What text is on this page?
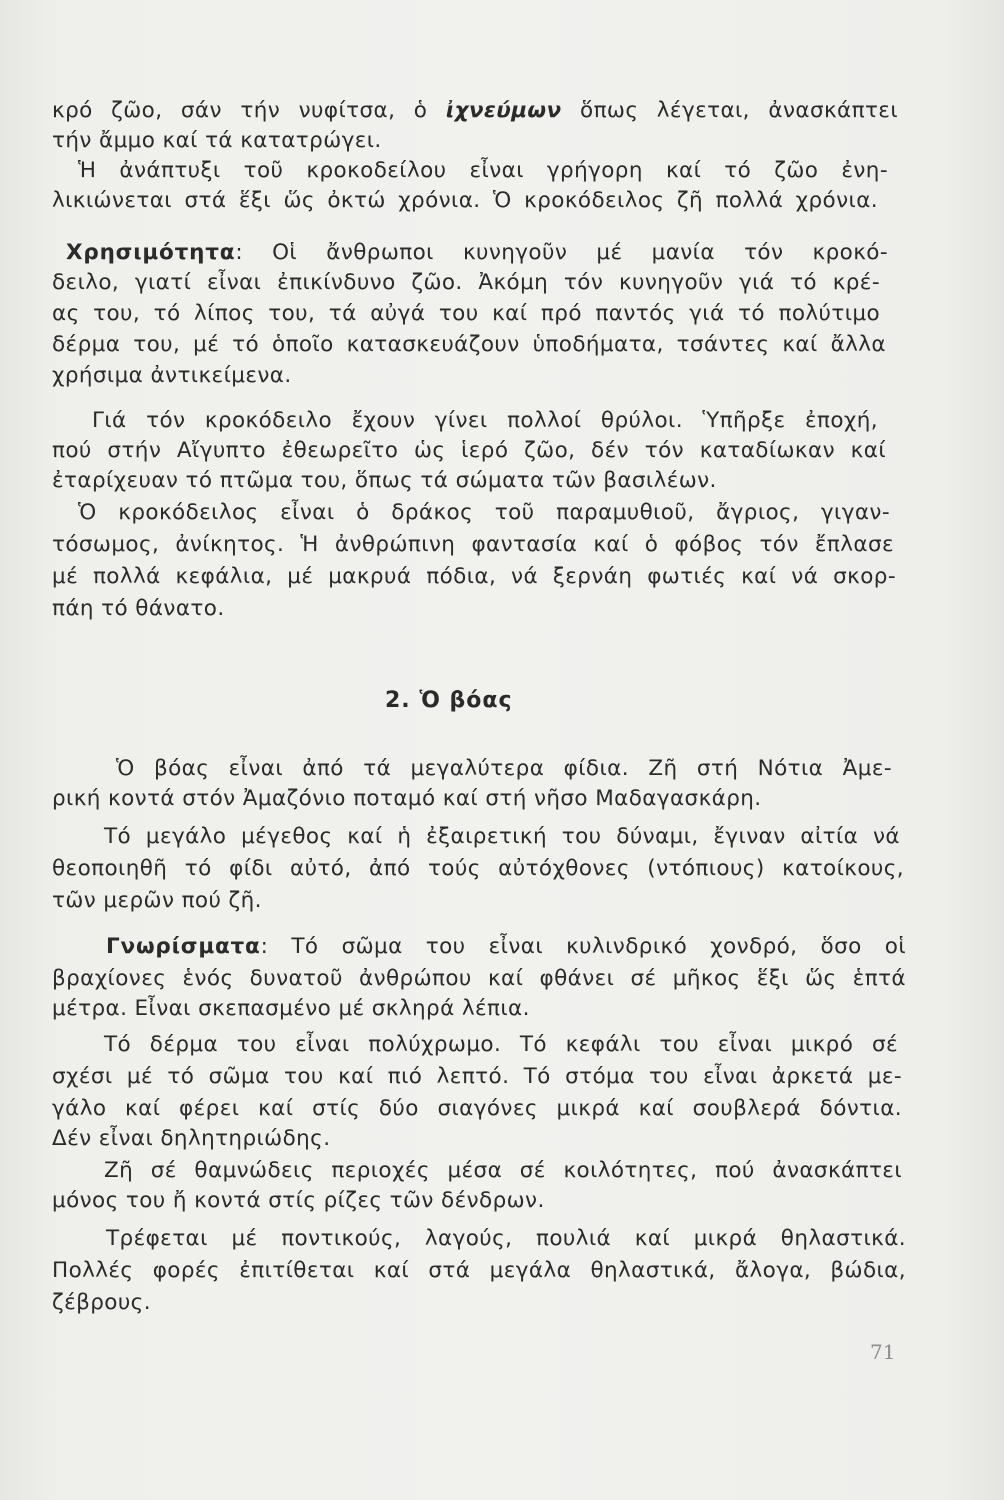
κρό ζῶο, σάν τήν νυφίτσα, ὁ ἰχνεύμων ὅπως λέγεται, ἀνασκάπτει
τήν ἄμμο καί τά κατατρώγει.
Ἡ ἀνάπτυξι τοῦ κροκοδείλου εἶναι γρήγορη καί τό ζῶο ἐνη-
λικιώνεται στά ἕξι ὥς ὀκτώ χρόνια. Ὁ κροκόδειλος ζῆ πολλά χρόνια.
Χρησιμότητα: Οἱ ἄνθρωποι κυνηγοῦν μέ μανία τόν κροκό-
δειλο, γιατί εἶναι ἐπικίνδυνο ζῶο. Ἀκόμη τόν κυνηγοῦν γιά τό κρέ-
ας του, τό λίπος του, τά αὐγά του καί πρό παντός γιά τό πολύτιμο
δέρμα του, μέ τό ὁποῖο κατασκευάζουν ὑποδήματα, τσάντες καί ἄλλα
χρήσιμα ἀντικείμενα.
Γιά τόν κροκόδειλο ἔχουν γίνει πολλοί θρύλοι. Ὑπῆρξε ἐποχή,
πού στήν Αἴγυπτο ἐθεωρεῖτο ὡς ἱερό ζῶο, δέν τόν καταδίωκαν καί
ἐταρίχευαν τό πτῶμα του, ὅπως τά σώματα τῶν βασιλέων.
Ὁ κροκόδειλος εἶναι ὁ δράκος τοῦ παραμυθιοῦ, ἄγριος, γιγαν-
τόσωμος, ἀνίκητος. Ἡ ἀνθρώπινη φαντασία καί ὁ φόβος τόν ἔπλασε
μέ πολλά κεφάλια, μέ μακρυά πόδια, νά ξερνάη φωτιές καί νά σκορ-
πάη τό θάνατο.
2. Ὁ βόας
Ὁ βόας εἶναι ἀπό τά μεγαλύτερα φίδια. Ζῆ στή Νότια Ἀμε-
ρική κοντά στόν Ἀμαζόνιο ποταμό καί στή νῆσο Μαδαγασκάρη.
Τό μεγάλο μέγεθος καί ἡ ἐξαιρετική του δύναμι, ἔγιναν αἰτία νά
θεοποιηθῆ τό φίδι αὐτό, ἀπό τούς αὐτόχθονες (ντόπιους) κατοίκους,
τῶν μερῶν πού ζῆ.
Γνωρίσματα: Τό σῶμα του εἶναι κυλινδρικό χονδρό, ὅσο οἱ
βραχίονες ἑνός δυνατοῦ ἀνθρώπου καί φθάνει σέ μῆκος ἕξι ὥς ἑπτά
μέτρα. Εἶναι σκεπασμένο μέ σκληρά λέπια.
Τό δέρμα του εἶναι πολύχρωμο. Τό κεφάλι του εἶναι μικρό σέ
σχέσι μέ τό σῶμα του καί πιό λεπτό. Τό στόμα του εἶναι ἀρκετά με-
γάλο καί φέρει καί στίς δύο σιαγόνες μικρά καί σουβλερά δόντια.
Δέν εἶναι δηλητηριώδης.
Ζῆ σέ θαμνώδεις περιοχές μέσα σέ κοιλότητες, πού ἀνασκάπτει
μόνος του ἤ κοντά στίς ρίζες τῶν δένδρων.
Τρέφεται μέ ποντικούς, λαγούς, πουλιά καί μικρά θηλαστικά.
Πολλές φορές ἐπιτίθεται καί στά μεγάλα θηλαστικά, ἄλογα, βώδια,
ζέβρους.
71
